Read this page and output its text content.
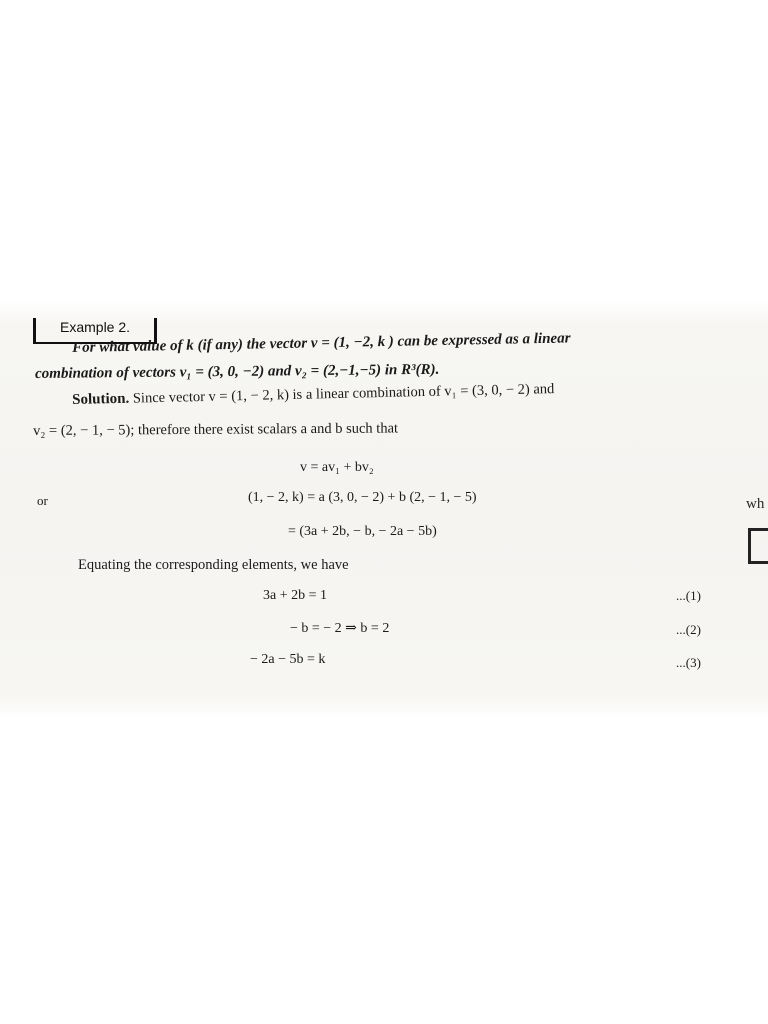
Example 2.
For what value of k (if any) the vector v = (1, −2, k ) can be expressed as a linear
combination of vectors v₁ = (3, 0, −2) and v₂ = (2,−1,−5) in R³(R).
Solution. Since vector v = (1, − 2, k) is a linear combination of v₁ = (3, 0, − 2) and
v₂ = (2, − 1, − 5); therefore there exist scalars a and b such that
v = av₁ + bv₂
or	(1, − 2, k) = a (3, 0, − 2) + b (2, − 1, − 5)
= (3a + 2b, − b, − 2a − 5b)
Equating the corresponding elements, we have
3a + 2b = 1	...(1)
− b = − 2 ⇒ b = 2	...(2)
− 2a − 5b = k	...(3)
wh
